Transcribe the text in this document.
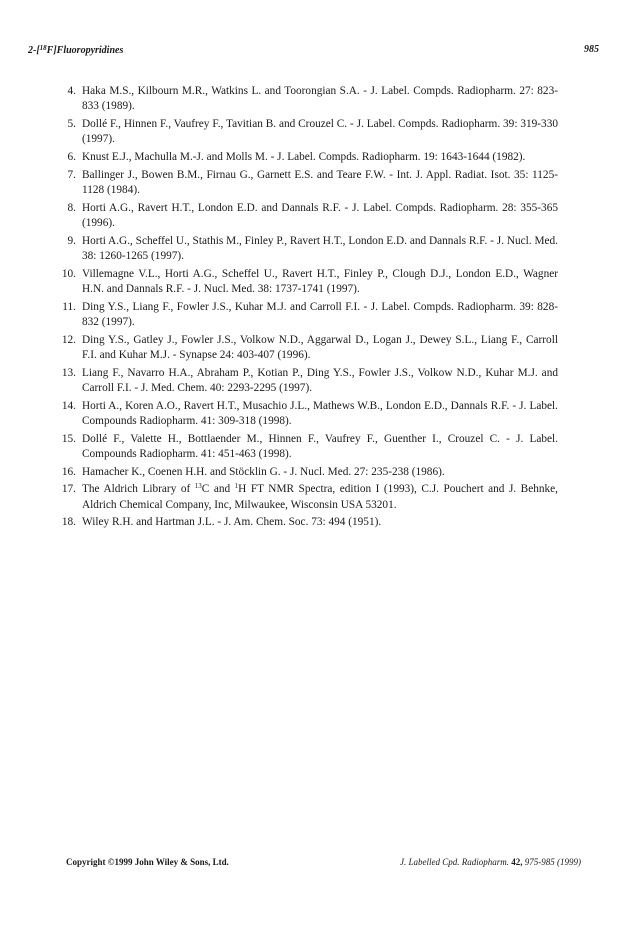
2-[$^{18}$F]Fluoropyridines	985
4. Haka M.S., Kilbourn M.R., Watkins L. and Toorongian S.A. - J. Label. Compds. Radiopharm. 27: 823-833 (1989).
5. Dollé F., Hinnen F., Vaufrey F., Tavitian B. and Crouzel C. - J. Label. Compds. Radiopharm. 39: 319-330 (1997).
6. Knust E.J., Machulla M.-J. and Molls M. - J. Label. Compds. Radiopharm. 19: 1643-1644 (1982).
7. Ballinger J., Bowen B.M., Firnau G., Garnett E.S. and Teare F.W. - Int. J. Appl. Radiat. Isot. 35: 1125-1128 (1984).
8. Horti A.G., Ravert H.T., London E.D. and Dannals R.F. - J. Label. Compds. Radiopharm. 28: 355-365 (1996).
9. Horti A.G., Scheffel U., Stathis M., Finley P., Ravert H.T., London E.D. and Dannals R.F. - J. Nucl. Med. 38: 1260-1265 (1997).
10. Villemagne V.L., Horti A.G., Scheffel U., Ravert H.T., Finley P., Clough D.J., London E.D., Wagner H.N. and Dannals R.F. - J. Nucl. Med. 38: 1737-1741 (1997).
11. Ding Y.S., Liang F., Fowler J.S., Kuhar M.J. and Carroll F.I. - J. Label. Compds. Radiopharm. 39: 828-832 (1997).
12. Ding Y.S., Gatley J., Fowler J.S., Volkow N.D., Aggarwal D., Logan J., Dewey S.L., Liang F., Carroll F.I. and Kuhar M.J. - Synapse 24: 403-407 (1996).
13. Liang F., Navarro H.A., Abraham P., Kotian P., Ding Y.S., Fowler J.S., Volkow N.D., Kuhar M.J. and Carroll F.I. - J. Med. Chem. 40: 2293-2295 (1997).
14. Horti A., Koren A.O., Ravert H.T., Musachio J.L., Mathews W.B., London E.D., Dannals R.F. - J. Label. Compounds Radiopharm. 41: 309-318 (1998).
15. Dollé F., Valette H., Bottlaender M., Hinnen F., Vaufrey F., Guenther I., Crouzel C. - J. Label. Compounds Radiopharm. 41: 451-463 (1998).
16. Hamacher K., Coenen H.H. and Stöcklin G. - J. Nucl. Med. 27: 235-238 (1986).
17. The Aldrich Library of $^{13}$C and $^1$H FT NMR Spectra, edition I (1993), C.J. Pouchert and J. Behnke, Aldrich Chemical Company, Inc, Milwaukee, Wisconsin USA 53201.
18. Wiley R.H. and Hartman J.L. - J. Am. Chem. Soc. 73: 494 (1951).
Copyright ©1999 John Wiley & Sons, Ltd.	J. Labelled Cpd. Radiopharm. 42, 975-985 (1999)
